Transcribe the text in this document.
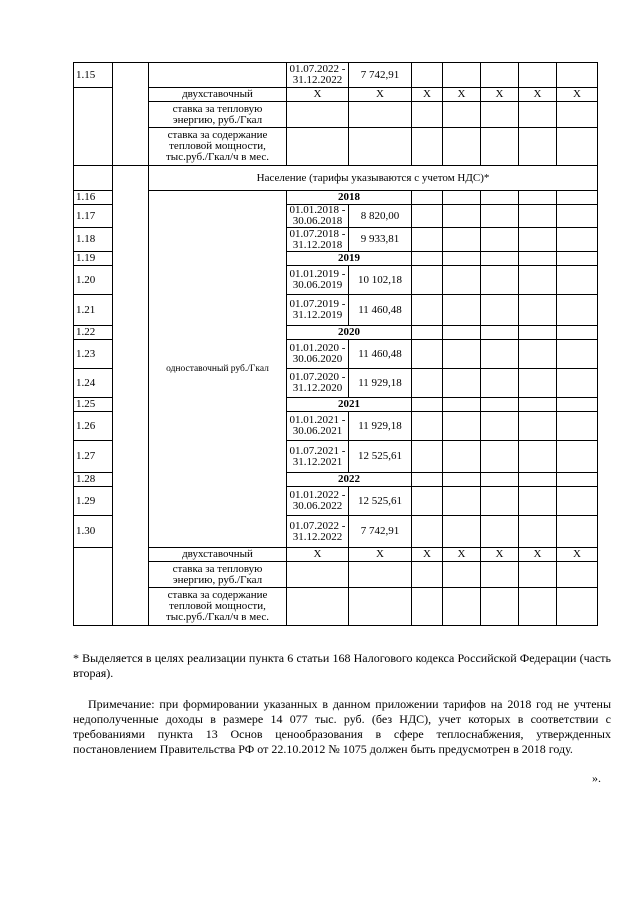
1.15			01.07.2022 - 31.12.2022	7 742,91					
		двухставочный	X	X	X	X	X	X	X
		ставка за тепловую энергию, руб./Гкал							
		ставка за содержание тепловой мощности, тыс.руб./Гкал/ч в мес.							
		Население (тарифы указываются с учетом НДС)*							
1.16		одноставочный руб./Гкал	2018						
1.17			01.01.2018 - 30.06.2018	8 820,00					
1.18			01.07.2018 - 31.12.2018	9 933,81					
1.19			2019						
1.20			01.01.2019 - 30.06.2019	10 102,18					
1.21			01.07.2019 - 31.12.2019	11 460,48					
1.22			2020						
1.23			01.01.2020 - 30.06.2020	11 460,48					
1.24			01.07.2020 - 31.12.2020	11 929,18					
1.25			2021						
1.26			01.01.2021 - 30.06.2021	11 929,18					
1.27			01.07.2021 - 31.12.2021	12 525,61					
1.28			2022						
1.29			01.01.2022 - 30.06.2022	12 525,61					
1.30			01.07.2022 - 31.12.2022	7 742,91					
		двухставочный	X	X	X	X	X	X	X
		ставка за тепловую энергию, руб./Гкал							
		ставка за содержание тепловой мощности, тыс.руб./Гкал/ч в мес.							
* Выделяется в целях реализации пункта 6 статьи 168 Налогового кодекса Российской Федерации (часть вторая).
Примечание: при формировании указанных в данном приложении тарифов на 2018 год не учтены недополученные доходы в размере 14 077 тыс. руб. (без НДС), учет которых в соответствии с требованиями пункта 13 Основ ценообразования в сфере теплоснабжения, утвержденных постановлением Правительства РФ от 22.10.2012 № 1075 должен быть предусмотрен в 2018 году.
».
